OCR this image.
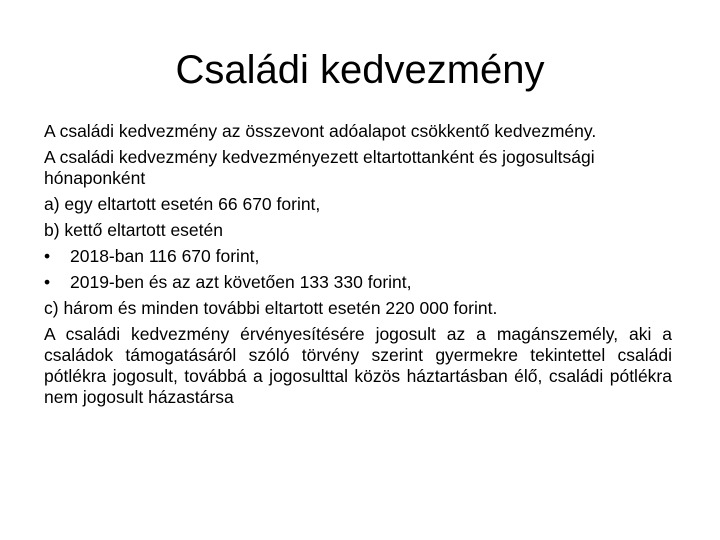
Családi kedvezmény

A családi kedvezmény az összevont adóalapot csökkentő kedvezmény.

A családi kedvezmény kedvezményezett eltartottanként és jogosultsági hónaponként

a) egy eltartott esetén 66 670 forint,

b) kettő eltartott esetén

•	2018-ban 116 670 forint,
•	2019-ben és az azt követően 133 330 forint,

c) három és minden további eltartott esetén 220 000 forint.

A családi kedvezmény érvényesítésére jogosult az a magánszemély, aki a családok támogatásáról szóló törvény szerint gyermekre tekintettel családi pótlékra jogosult, továbbá a jogosulttal közös háztartásban élő, családi pótlékra nem jogosult házastársa
